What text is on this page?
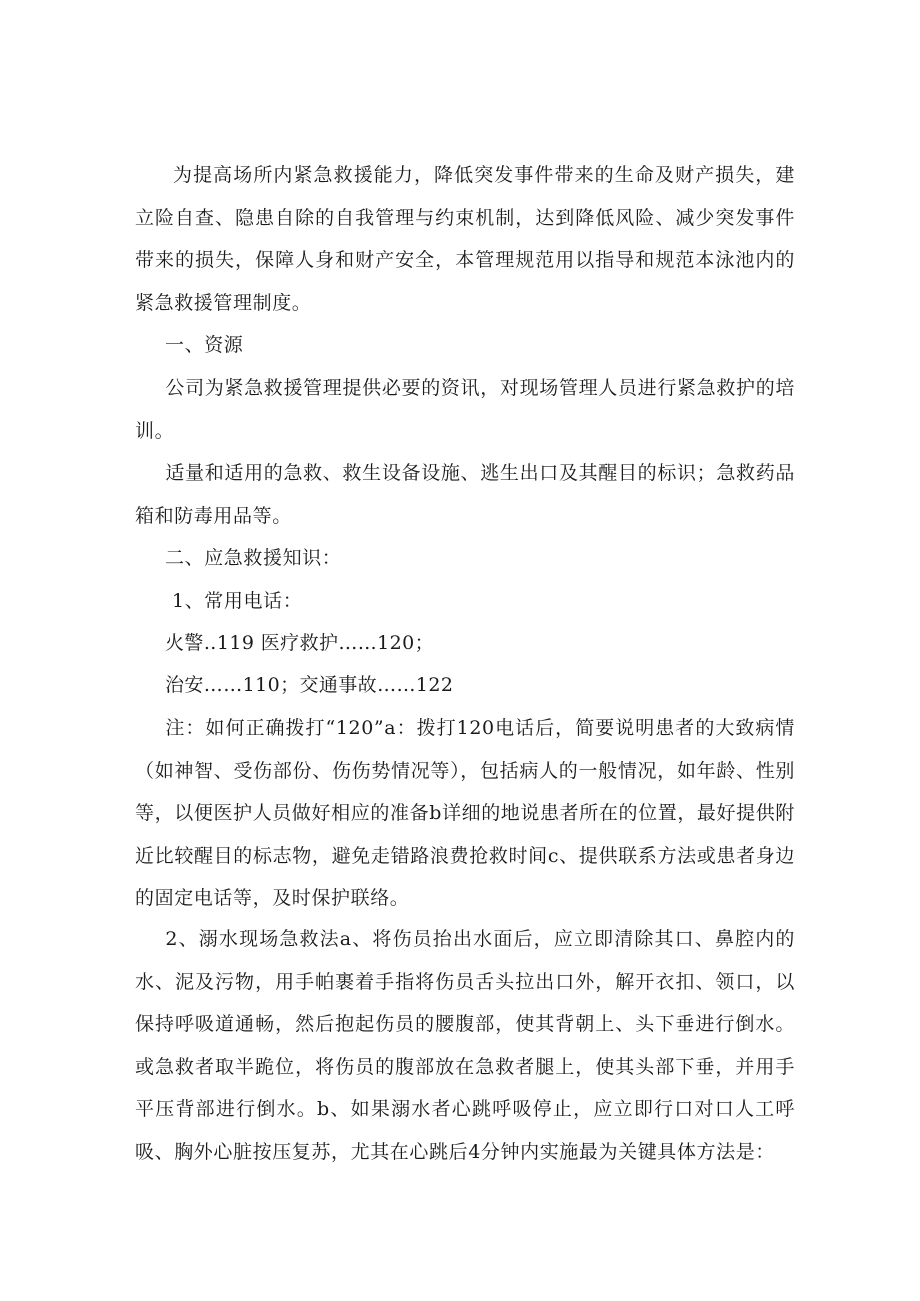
为提高场所内紧急救援能力，降低突发事件带来的生命及财产损失，建立险自查、隐患自除的自我管理与约束机制，达到降低风险、减少突发事件带来的损失，保障人身和财产安全，本管理规范用以指导和规范本泳池内的紧急救援管理制度。

一、资源

公司为紧急救援管理提供必要的资讯，对现场管理人员进行紧急救护的培训。

适量和适用的急救、救生设备设施、逃生出口及其醒目的标识；急救药品箱和防毒用品等。

二、应急救援知识：

1、常用电话：

火警‥119 医疗救护……120；

治安……110；交通事故……122

注：如何正确拨打“120”a：拨打120电话后，简要说明患者的大致病情（如神智、受伤部份、伤伤势情况等），包括病人的一般情况，如年龄、性别等，以便医护人员做好相应的准备b详细的地说患者所在的位置，最好提供附近比较醒目的标志物，避免走错路浪费抢救时间c、提供联系方法或患者身边的固定电话等，及时保护联络。

2、溺水现场急救法a、将伤员抬出水面后，应立即清除其口、鼻腔内的水、泥及污物，用手帕裹着手指将伤员舌头拉出口外，解开衣扣、领口，以保持呼吸道通畅，然后抱起伤员的腰腹部，使其背朝上、头下垂进行倒水。或急救者取半跪位，将伤员的腹部放在急救者腿上，使其头部下垂，并用手平压背部进行倒水。b、如果溺水者心跳呼吸停止，应立即行口对口人工呼吸、胸外心脏按压复苏，尤其在心跳后4分钟内实施最为关键具体方法是：
